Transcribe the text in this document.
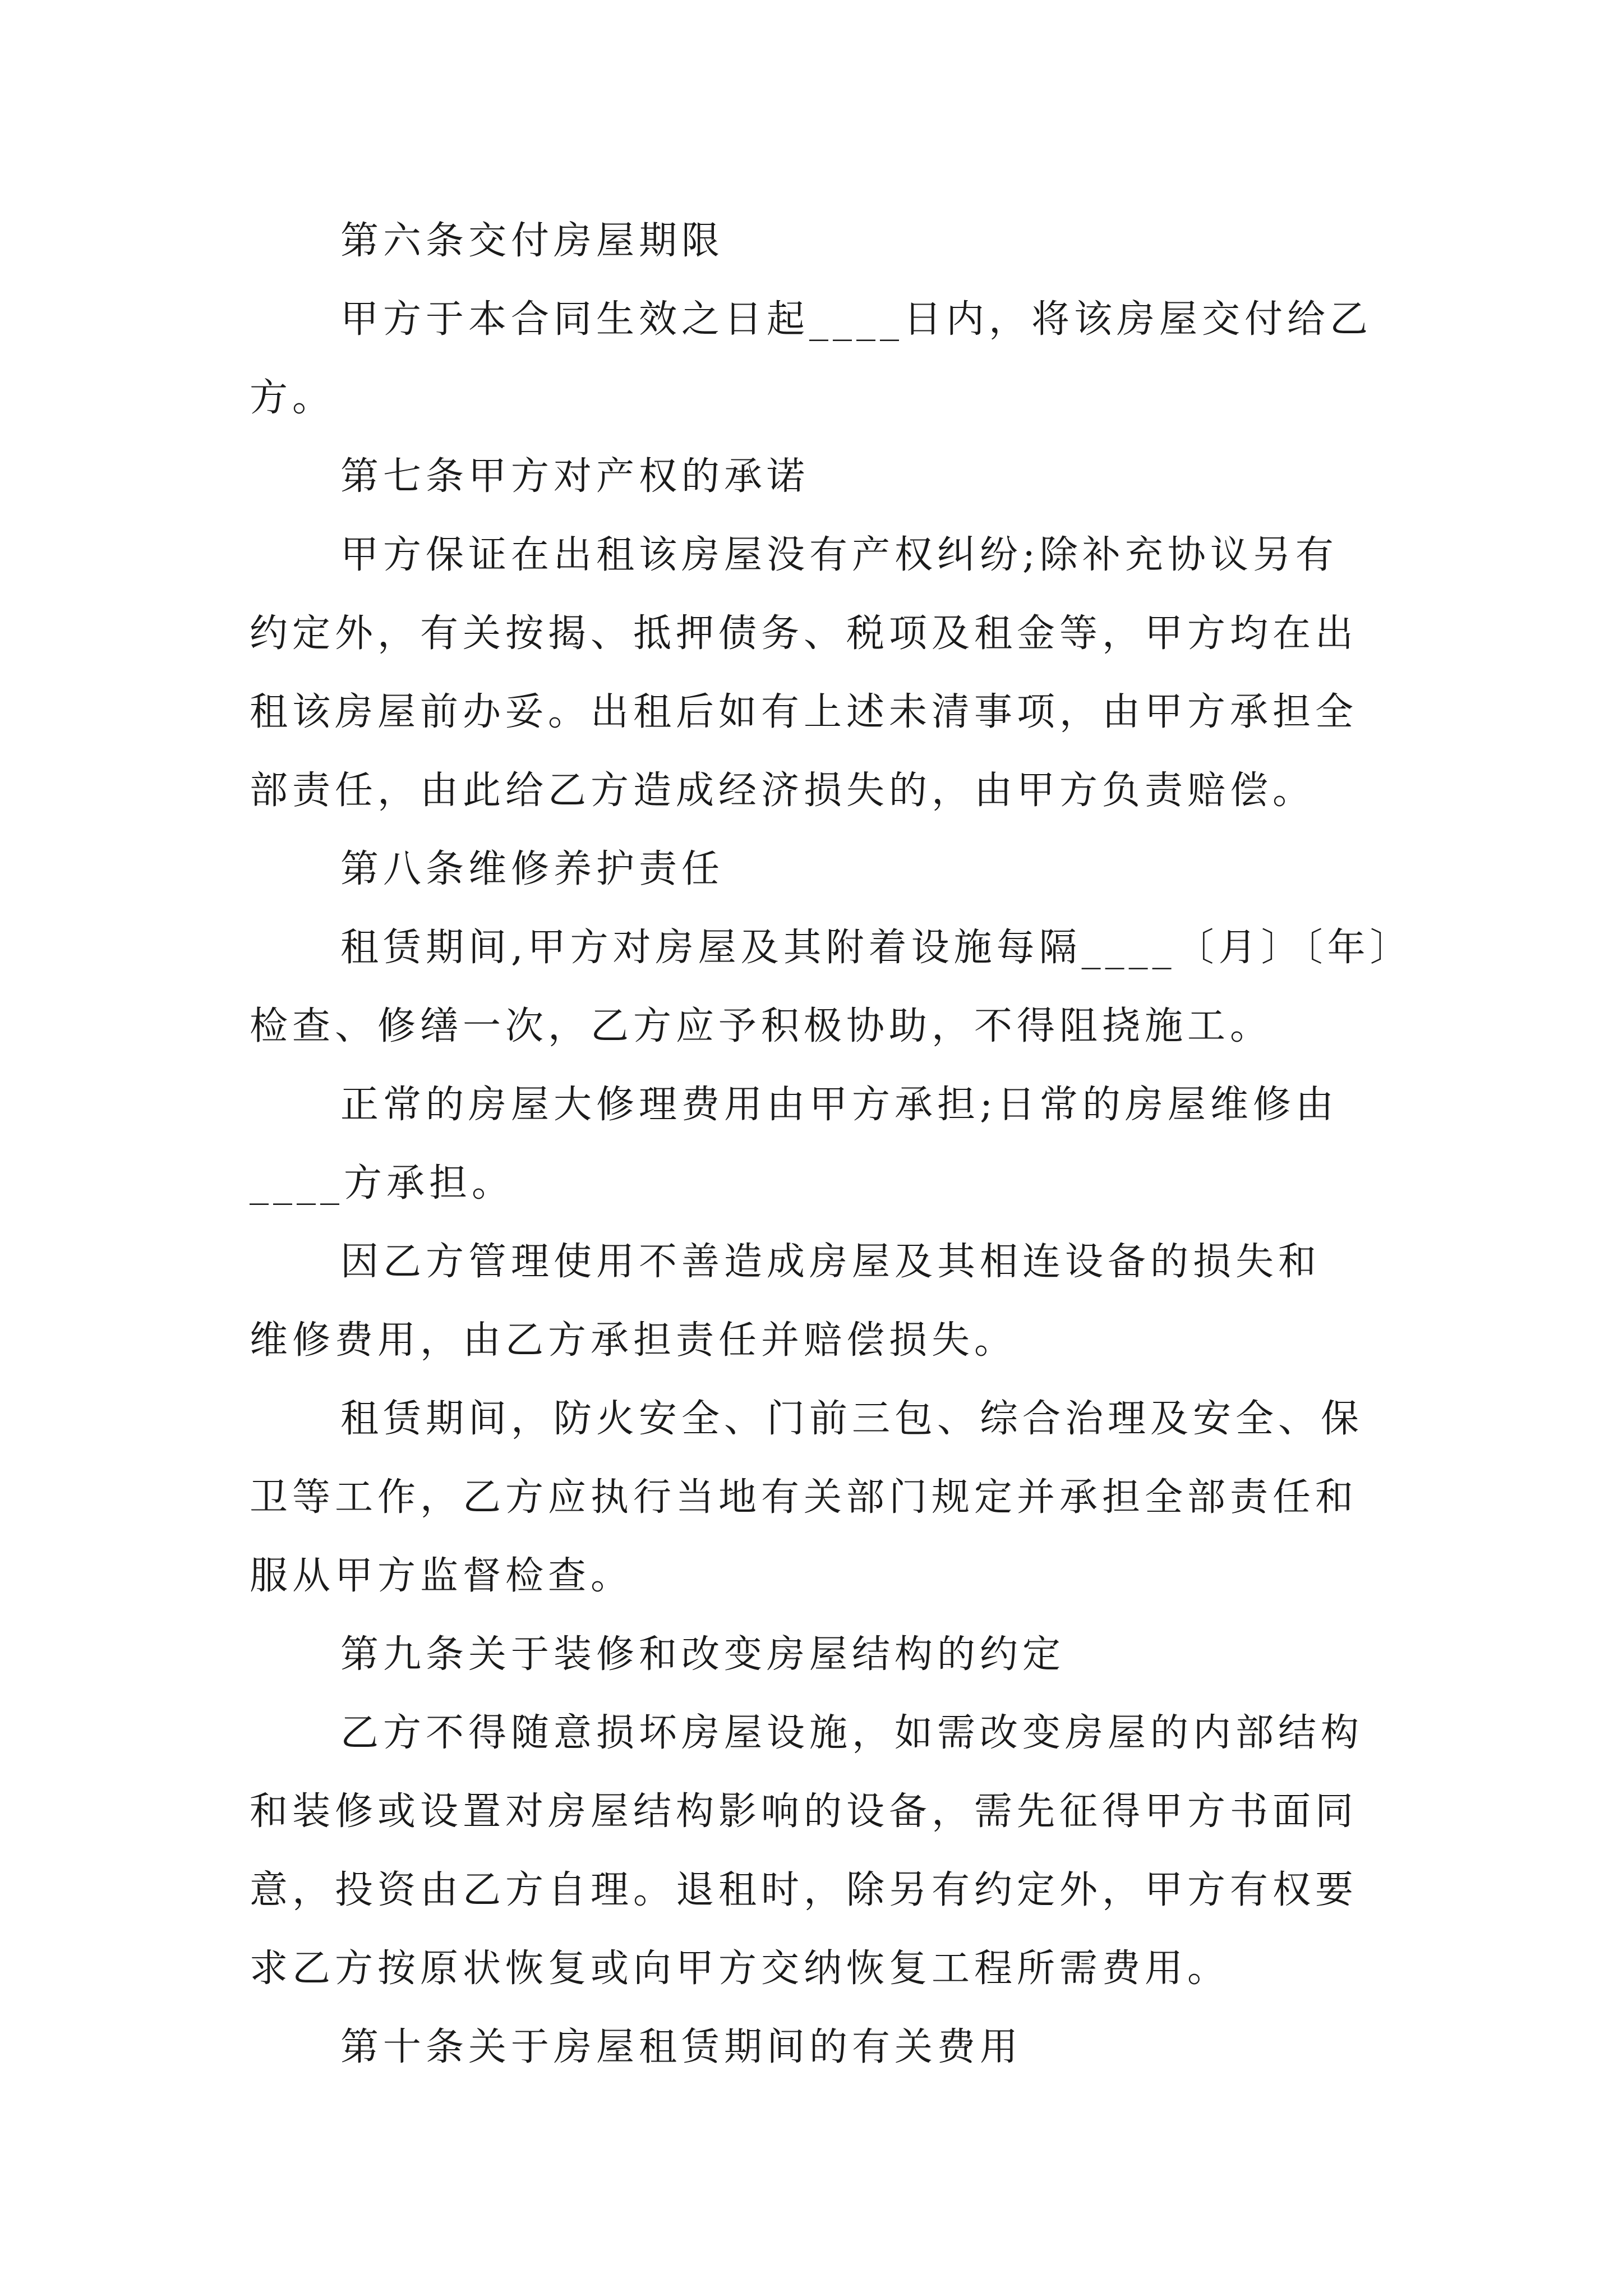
第六条交付房屋期限
甲方于本合同生效之日起____日内，将该房屋交付给乙
方。
第七条甲方对产权的承诺
甲方保证在出租该房屋没有产权纠纷;除补充协议另有
约定外，有关按揭、抵押债务、税项及租金等，甲方均在出
租该房屋前办妥。出租后如有上述未清事项，由甲方承担全
部责任，由此给乙方造成经济损失的，由甲方负责赔偿。
第八条维修养护责任
租赁期间,甲方对房屋及其附着设施每隔____〔月〕〔年〕
检查、修缮一次，乙方应予积极协助，不得阻挠施工。
正常的房屋大修理费用由甲方承担;日常的房屋维修由
____方承担。
因乙方管理使用不善造成房屋及其相连设备的损失和
维修费用，由乙方承担责任并赔偿损失。
租赁期间，防火安全、门前三包、综合治理及安全、保
卫等工作，乙方应执行当地有关部门规定并承担全部责任和
服从甲方监督检查。
第九条关于装修和改变房屋结构的约定
乙方不得随意损坏房屋设施，如需改变房屋的内部结构
和装修或设置对房屋结构影响的设备，需先征得甲方书面同
意，投资由乙方自理。退租时，除另有约定外，甲方有权要
求乙方按原状恢复或向甲方交纳恢复工程所需费用。
第十条关于房屋租赁期间的有关费用
